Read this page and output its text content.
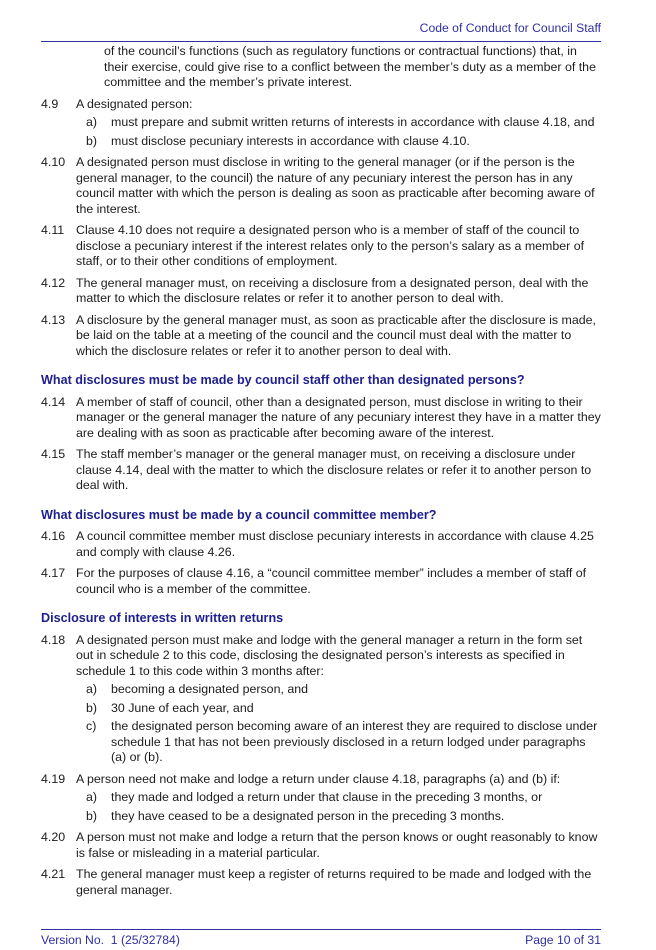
Code of Conduct for Council Staff

of the council’s functions (such as regulatory functions or contractual functions) that, in their exercise, could give rise to a conflict between the member’s duty as a member of the committee and the member’s private interest.

4.9	A designated person:

a)	must prepare and submit written returns of interests in accordance with clause 4.18, and

b)	must disclose pecuniary interests in accordance with clause 4.10.

4.10 A designated person must disclose in writing to the general manager (or if the person is the general manager, to the council) the nature of any pecuniary interest the person has in any council matter with which the person is dealing as soon as practicable after becoming aware of the interest.

4.11 Clause 4.10 does not require a designated person who is a member of staff of the council to disclose a pecuniary interest if the interest relates only to the person’s salary as a member of staff, or to their other conditions of employment.

4.12 The general manager must, on receiving a disclosure from a designated person, deal with the matter to which the disclosure relates or refer it to another person to deal with.

4.13 A disclosure by the general manager must, as soon as practicable after the disclosure is made, be laid on the table at a meeting of the council and the council must deal with the matter to which the disclosure relates or refer it to another person to deal with.

What disclosures must be made by council staff other than designated persons?
4.14 A member of staff of council, other than a designated person, must disclose in writing to their manager or the general manager the nature of any pecuniary interest they have in a matter they are dealing with as soon as practicable after becoming aware of the interest.

4.15 The staff member’s manager or the general manager must, on receiving a disclosure under clause 4.14, deal with the matter to which the disclosure relates or refer it to another person to deal with.

What disclosures must be made by a council committee member?
4.16 A council committee member must disclose pecuniary interests in accordance with clause 4.25 and comply with clause 4.26.

4.17 For the purposes of clause 4.16, a “council committee member” includes a member of staff of council who is a member of the committee.

Disclosure of interests in written returns
4.18 A designated person must make and lodge with the general manager a return in the form set out in schedule 2 to this code, disclosing the designated person’s interests as specified in schedule 1 to this code within 3 months after:

a)	becoming a designated person, and

b)	30 June of each year, and

c)	the designated person becoming aware of an interest they are required to disclose under schedule 1 that has not been previously disclosed in a return lodged under paragraphs (a) or (b).

4.19 A person need not make and lodge a return under clause 4.18, paragraphs (a) and (b) if:

a)	they made and lodged a return under that clause in the preceding 3 months, or

b)	they have ceased to be a designated person in the preceding 3 months.

4.20 A person must not make and lodge a return that the person knows or ought reasonably to know is false or misleading in a material particular.

4.21 The general manager must keep a register of returns required to be made and lodged with the general manager.

Version No.  1 (25/32784)	Page 10 of 31
